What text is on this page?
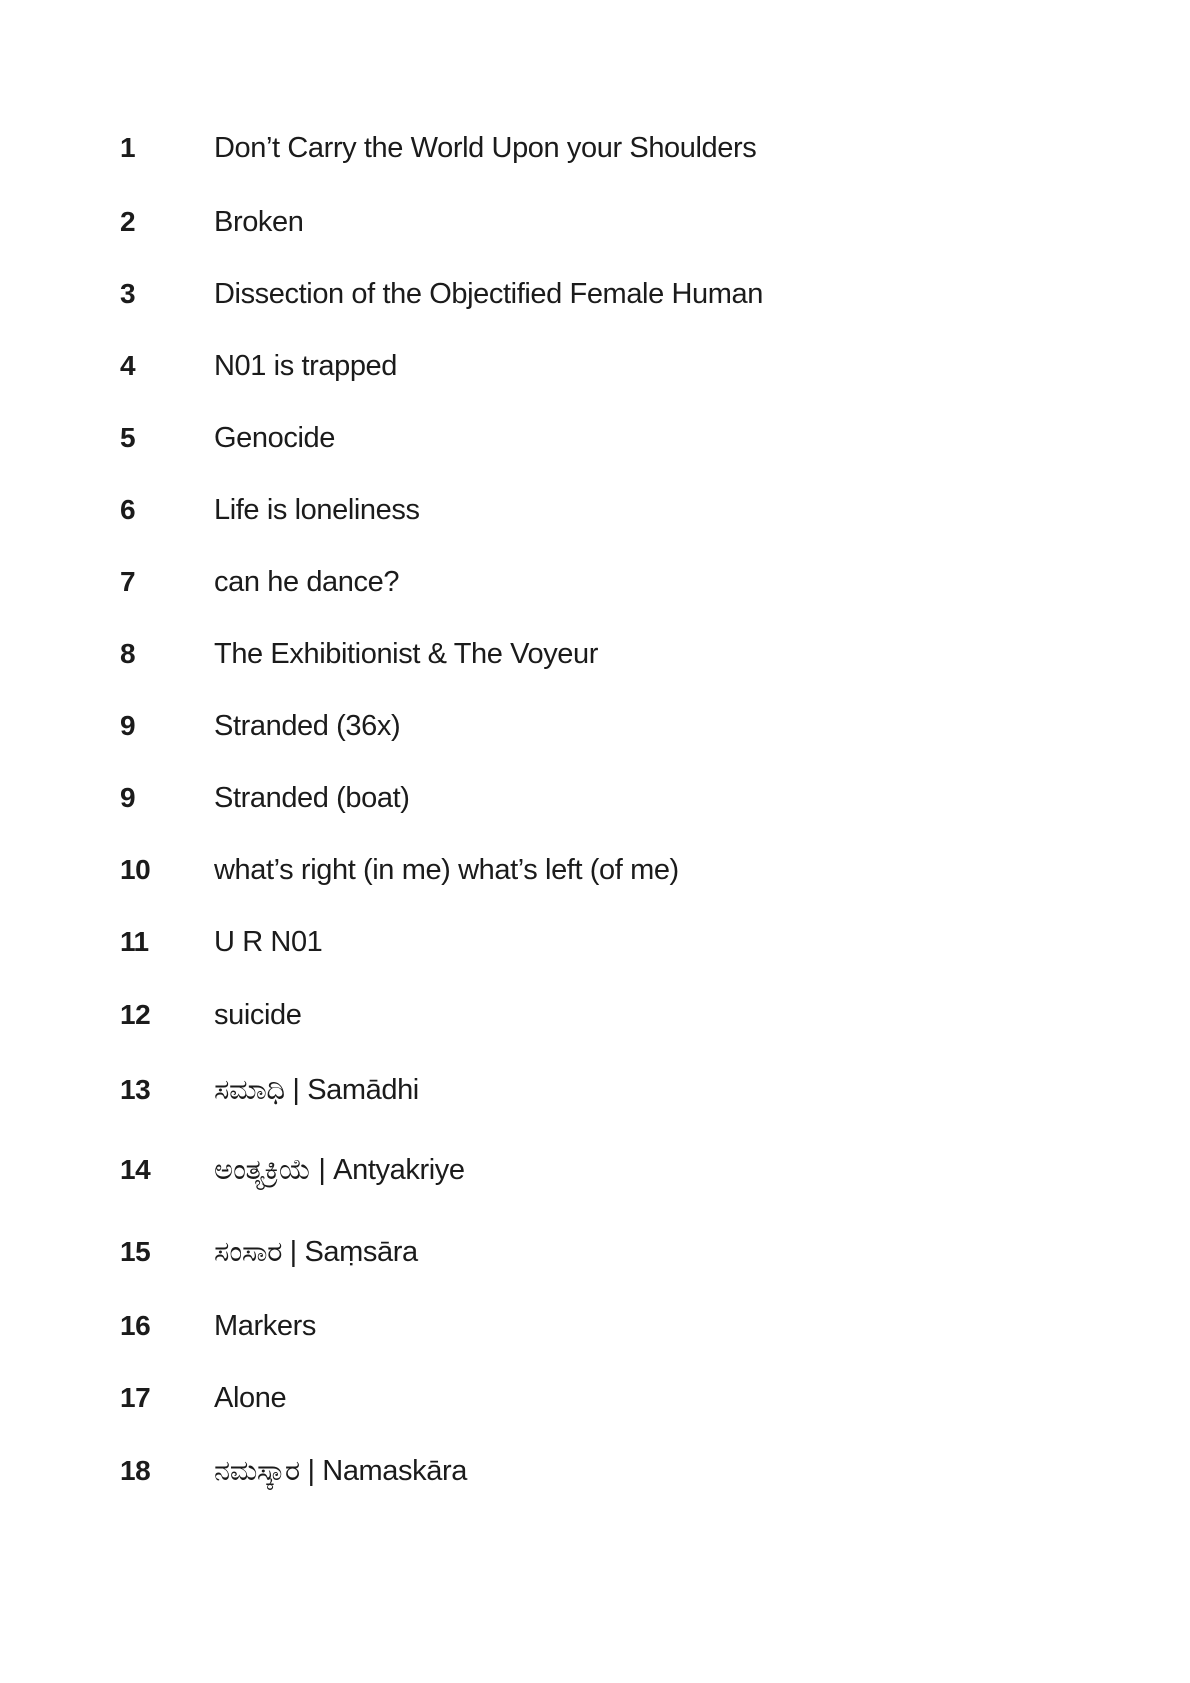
1	Don’t Carry the World Upon your Shoulders
2	Broken
3	Dissection of the Objectified Female Human
4	N01 is trapped
5	Genocide
6	Life is loneliness
7	can he dance?
8	The Exhibitionist & The Voyeur
9	Stranded (36x)
9	Stranded (boat)
10 what’s right (in me) what’s left (of me)
11 U R N01
12 suicide
13 ಸಮಾಧಿ | Samādhi
14 ಅಂತ್ಯಕ್ರಿಯೆ | Antyakriye
15 ಸಂಸಾರ | Saṃsāra
16 Markers
17 Alone
18 ನಮಸ್ಕಾರ | Namaskāra
